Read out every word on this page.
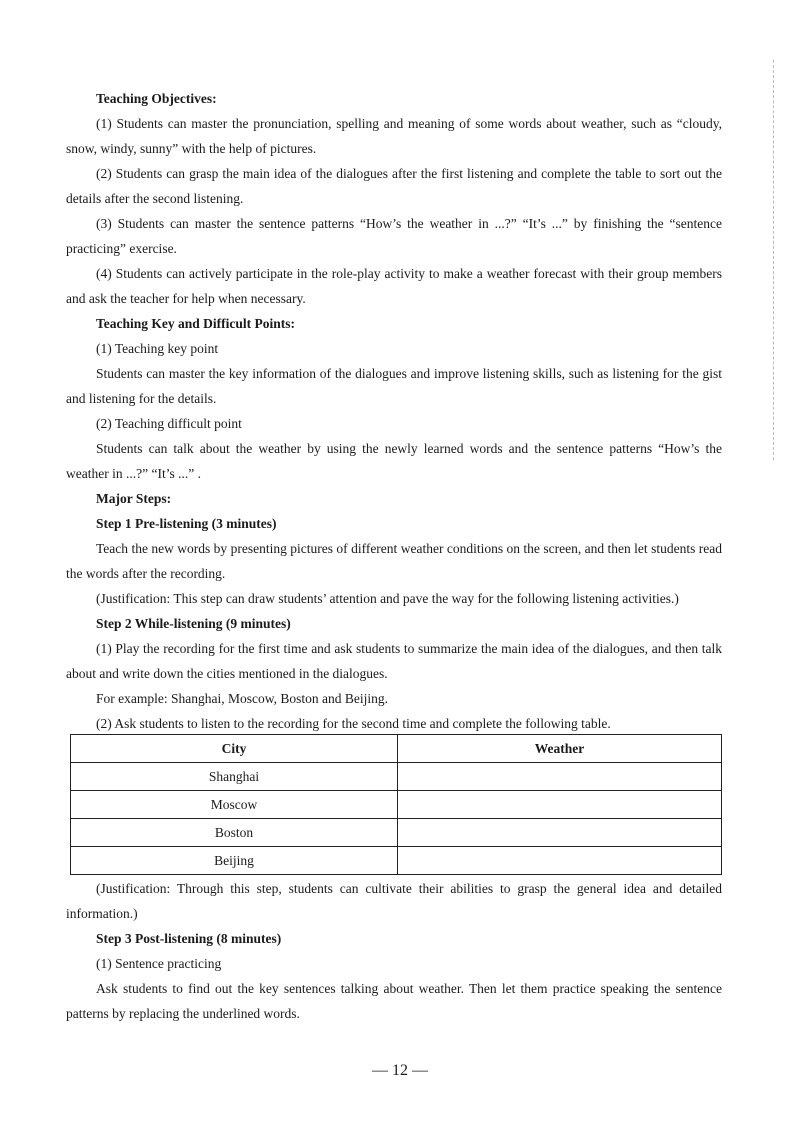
Teaching Objectives:
(1) Students can master the pronunciation, spelling and meaning of some words about weather, such as “cloudy, snow, windy, sunny” with the help of pictures.
(2) Students can grasp the main idea of the dialogues after the first listening and complete the table to sort out the details after the second listening.
(3) Students can master the sentence patterns “How’s the weather in ...?” “It’s ...” by finishing the “sentence practicing” exercise.
(4) Students can actively participate in the role-play activity to make a weather forecast with their group members and ask the teacher for help when necessary.
Teaching Key and Difficult Points:
(1) Teaching key point
Students can master the key information of the dialogues and improve listening skills, such as listening for the gist and listening for the details.
(2) Teaching difficult point
Students can talk about the weather by using the newly learned words and the sentence patterns “How’s the weather in ...?” “It’s ...” .
Major Steps:
Step 1 Pre-listening (3 minutes)
Teach the new words by presenting pictures of different weather conditions on the screen, and then let students read the words after the recording.
(Justification: This step can draw students’ attention and pave the way for the following listening activities.)
Step 2 While-listening (9 minutes)
(1) Play the recording for the first time and ask students to summarize the main idea of the dialogues, and then talk about and write down the cities mentioned in the dialogues.
For example: Shanghai, Moscow, Boston and Beijing.
(2) Ask students to listen to the recording for the second time and complete the following table.
City	Weather
Shanghai	
Moscow	
Boston	
Beijing	
(Justification: Through this step, students can cultivate their abilities to grasp the general idea and detailed information.)
Step 3 Post-listening (8 minutes)
(1) Sentence practicing
Ask students to find out the key sentences talking about weather. Then let them practice speaking the sentence patterns by replacing the underlined words.
— 12 —
